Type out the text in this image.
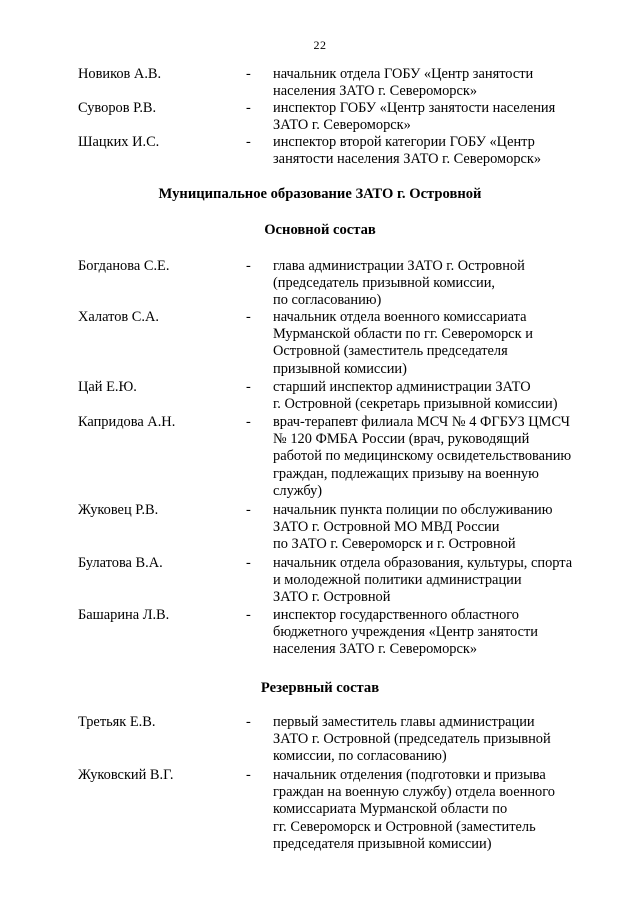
22
Новиков А.В.	- начальник отдела ГОБУ «Центр занятости
населения ЗАТО г. Североморск»
Суворов Р.В.	- инспектор ГОБУ «Центр занятости населения
ЗАТО г. Североморск»
Шацких И.С.	- инспектор второй категории ГОБУ «Центр
занятости населения ЗАТО г. Североморск»
Муниципальное образование ЗАТО г. Островной
Основной состав
Богданова С.Е.	- глава администрации ЗАТО г. Островной
(председатель призывной комиссии,
по согласованию)
Халатов С.А.	- начальник отдела военного комиссариата
Мурманской области по гг. Североморск и
Островной (заместитель председателя
призывной комиссии)
Цай Е.Ю.	- старший инспектор администрации ЗАТО
г. Островной (секретарь призывной комиссии)
Капридова А.Н.	- врач-терапевт филиала МСЧ № 4 ФГБУЗ ЦМСЧ
№ 120 ФМБА России (врач, руководящий
работой по медицинскому освидетельствованию
граждан, подлежащих призыву на военную
службу)
Жуковец Р.В.	- начальник пункта полиции по обслуживанию
ЗАТО г. Островной МО МВД России
по ЗАТО г. Североморск и г. Островной
Булатова В.А.	- начальник отдела образования, культуры, спорта
и молодежной политики администрации
ЗАТО г. Островной
Башарина Л.В.	- инспектор государственного областного
бюджетного учреждения «Центр занятости
населения ЗАТО г. Североморск»
Резервный состав
Третьяк Е.В.	- первый заместитель главы администрации
ЗАТО г. Островной (председатель призывной
комиссии, по согласованию)
Жуковский В.Г.	- начальник отделения (подготовки и призыва
граждан на военную службу) отдела военного
комиссариата Мурманской области по
гг. Североморск и Островной (заместитель
председателя призывной комиссии)
